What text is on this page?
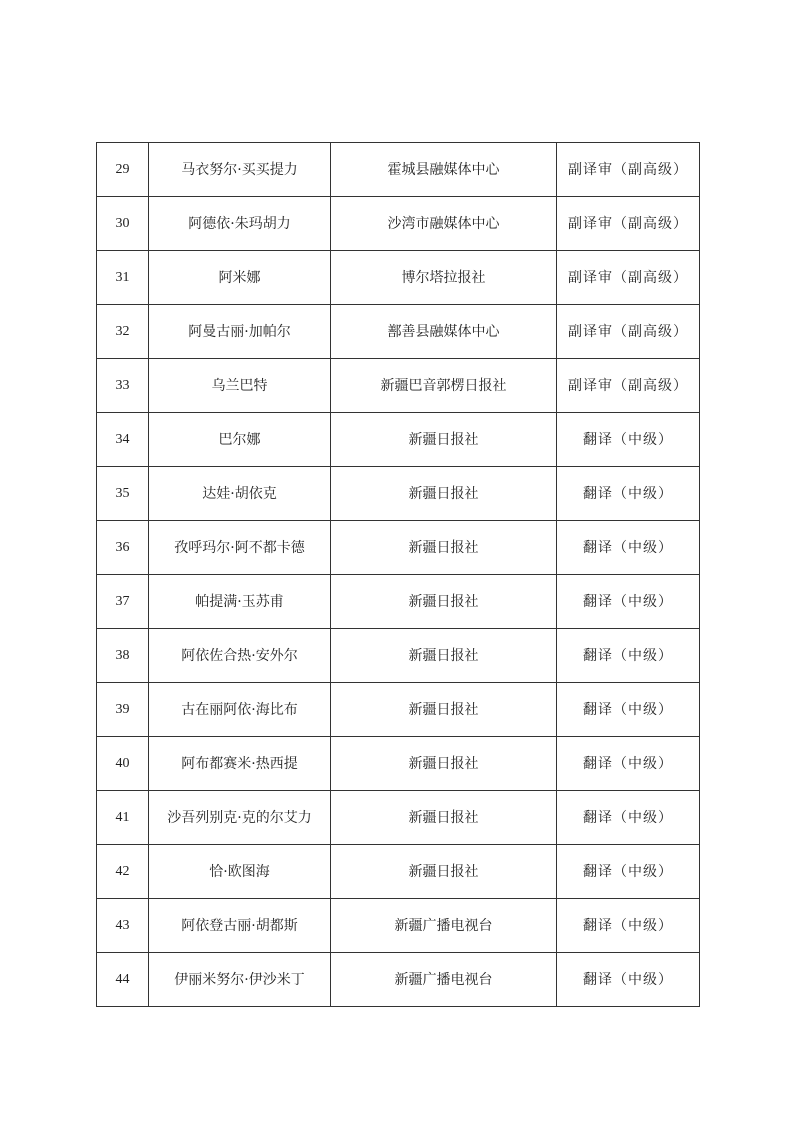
29	马衣努尔·买买提力	霍城县融媒体中心	副译审（副高级）
30	阿德依·朱玛胡力	沙湾市融媒体中心	副译审（副高级）
31	阿米娜	博尔塔拉报社	副译审（副高级）
32	阿曼古丽·加帕尔	鄯善县融媒体中心	副译审（副高级）
33	乌兰巴特	新疆巴音郭楞日报社	副译审（副高级）
34	巴尔娜	新疆日报社	翻译（中级）
35	达娃·胡依克	新疆日报社	翻译（中级）
36	孜呼玛尔·阿不都卡德	新疆日报社	翻译（中级）
37	帕提满·玉苏甫	新疆日报社	翻译（中级）
38	阿依佐合热·安外尔	新疆日报社	翻译（中级）
39	古在丽阿依·海比布	新疆日报社	翻译（中级）
40	阿布都赛米·热西提	新疆日报社	翻译（中级）
41	沙吾列别克·克的尔艾力	新疆日报社	翻译（中级）
42	恰·欧图海	新疆日报社	翻译（中级）
43	阿依登古丽·胡都斯	新疆广播电视台	翻译（中级）
44	伊丽米努尔·伊沙米丁	新疆广播电视台	翻译（中级）
